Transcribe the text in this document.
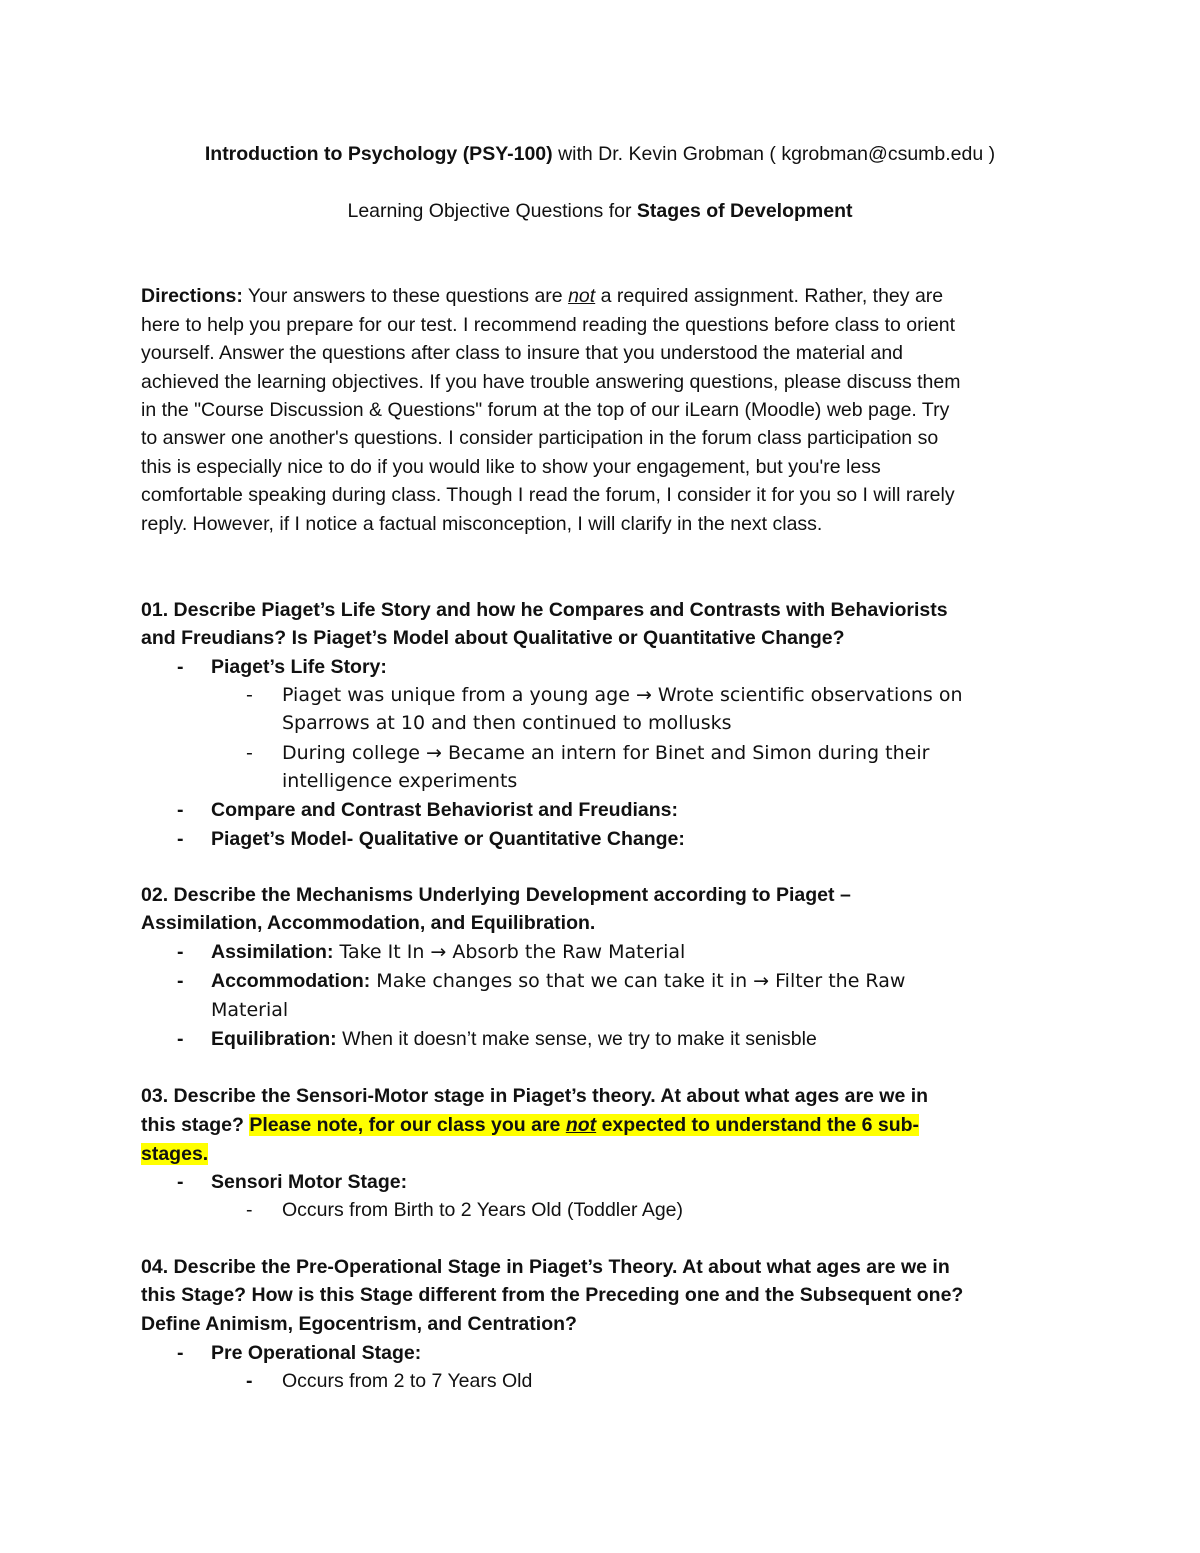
Introduction to Psychology (PSY-100) with Dr. Kevin Grobman ( kgrobman@csumb.edu )
Learning Objective Questions for Stages of Development
Directions: Your answers to these questions are not a required assignment. Rather, they are
here to help you prepare for our test. I recommend reading the questions before class to orient
yourself. Answer the questions after class to insure that you understood the material and
achieved the learning objectives. If you have trouble answering questions, please discuss them
in the "Course Discussion & Questions" forum at the top of our iLearn (Moodle) web page. Try
to answer one another's questions. I consider participation in the forum class participation so
this is especially nice to do if you would like to show your engagement, but you're less
comfortable speaking during class. Though I read the forum, I consider it for you so I will rarely
reply. However, if I notice a factual misconception, I will clarify in the next class.
01. Describe Piaget’s Life Story and how he Compares and Contrasts with Behaviorists
and Freudians? Is Piaget’s Model about Qualitative or Quantitative Change?
- Piaget’s Life Story:
- Piaget was unique from a young age → Wrote scientific observations on
Sparrows at 10 and then continued to mollusks
- During college → Became an intern for Binet and Simon during their
intelligence experiments
- Compare and Contrast Behaviorist and Freudians:
- Piaget’s Model- Qualitative or Quantitative Change:
02. Describe the Mechanisms Underlying Development according to Piaget –
Assimilation, Accommodation, and Equilibration.
- Assimilation: Take It In → Absorb the Raw Material
- Accommodation: Make changes so that we can take it in → Filter the Raw
Material
- Equilibration: When it doesn’t make sense, we try to make it senisble
03. Describe the Sensori-Motor stage in Piaget’s theory. At about what ages are we in
this stage? Please note, for our class you are not expected to understand the 6 sub-
stages.
- Sensori Motor Stage:
- Occurs from Birth to 2 Years Old (Toddler Age)
04. Describe the Pre-Operational Stage in Piaget’s Theory. At about what ages are we in
this Stage? How is this Stage different from the Preceding one and the Subsequent one?
Define Animism, Egocentrism, and Centration?
- Pre Operational Stage:
- Occurs from 2 to 7 Years Old
